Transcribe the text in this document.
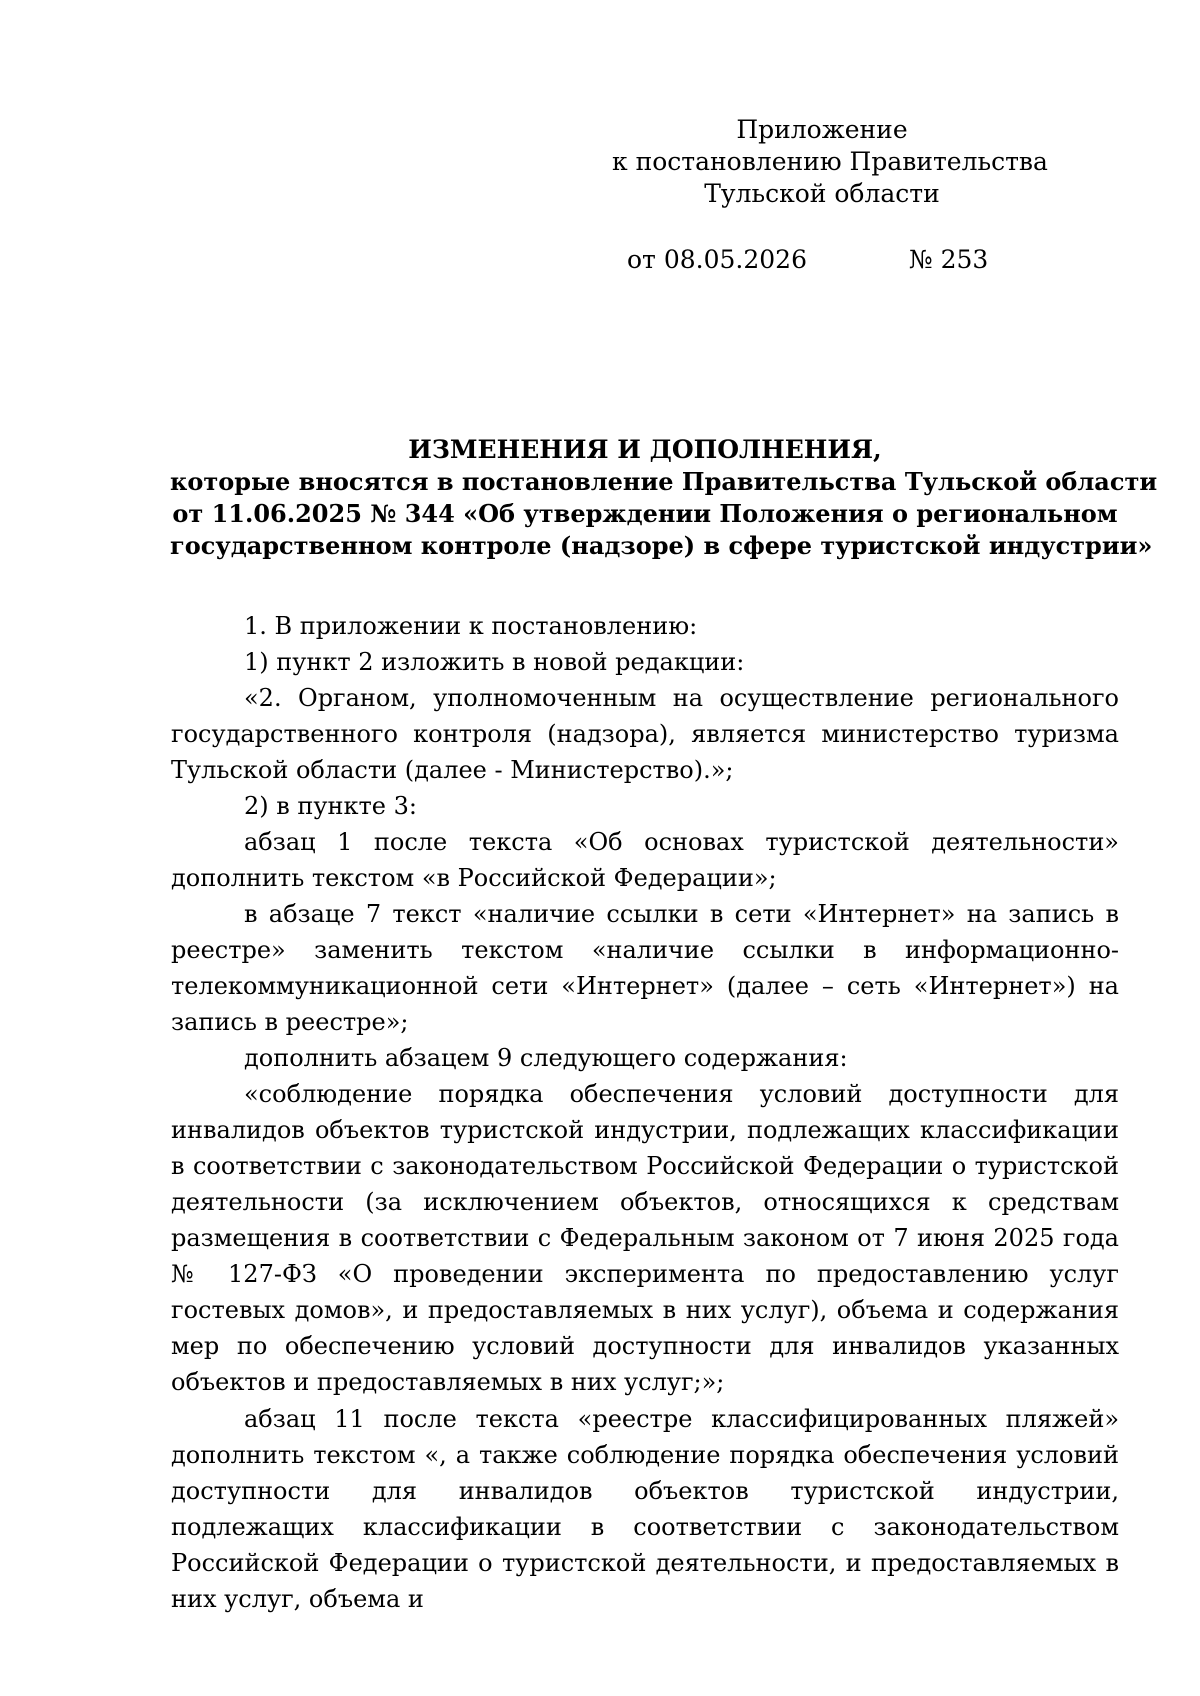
Приложение
к постановлению Правительства
Тульской области
от 08.05.2026	№ 253
ИЗМЕНЕНИЯ И ДОПОЛНЕНИЯ,
которые вносятся в постановление Правительства Тульской области
от 11.06.2025 № 344 «Об утверждении Положения о региональном
государственном контроле (надзоре) в сфере туристской индустрии»

1. В приложении к постановлению:

1) пункт 2 изложить в новой редакции:

«2. Органом, уполномоченным на осуществление регионального государственного контроля (надзора), является министерство туризма Тульской области (далее - Министерство).»;

2) в пункте 3:

абзац 1 после текста «Об основах туристской деятельности» дополнить текстом «в Российской Федерации»;

в абзаце 7 текст «наличие ссылки в сети «Интернет» на запись в реестре» заменить текстом «наличие ссылки в информационно-телекоммуникационной сети «Интернет» (далее – сеть «Интернет») на запись в реестре»;

дополнить абзацем 9 следующего содержания:

«соблюдение порядка обеспечения условий доступности для инвалидов объектов туристской индустрии, подлежащих классификации в соответствии с законодательством Российской Федерации о туристской деятельности (за исключением объектов, относящихся к средствам размещения в соответствии с Федеральным законом от 7 июня 2025 года № 127-ФЗ «О проведении эксперимента по предоставлению услуг гостевых домов», и предоставляемых в них услуг), объема и содержания мер по обеспечению условий доступности для инвалидов указанных объектов и предоставляемых в них услуг;»;

абзац 11 после текста «реестре классифицированных пляжей» дополнить текстом «, а также соблюдение порядка обеспечения условий доступности для инвалидов объектов туристской индустрии, подлежащих классификации в соответствии с законодательством Российской Федерации о туристской деятельности, и предоставляемых в них услуг, объема и
